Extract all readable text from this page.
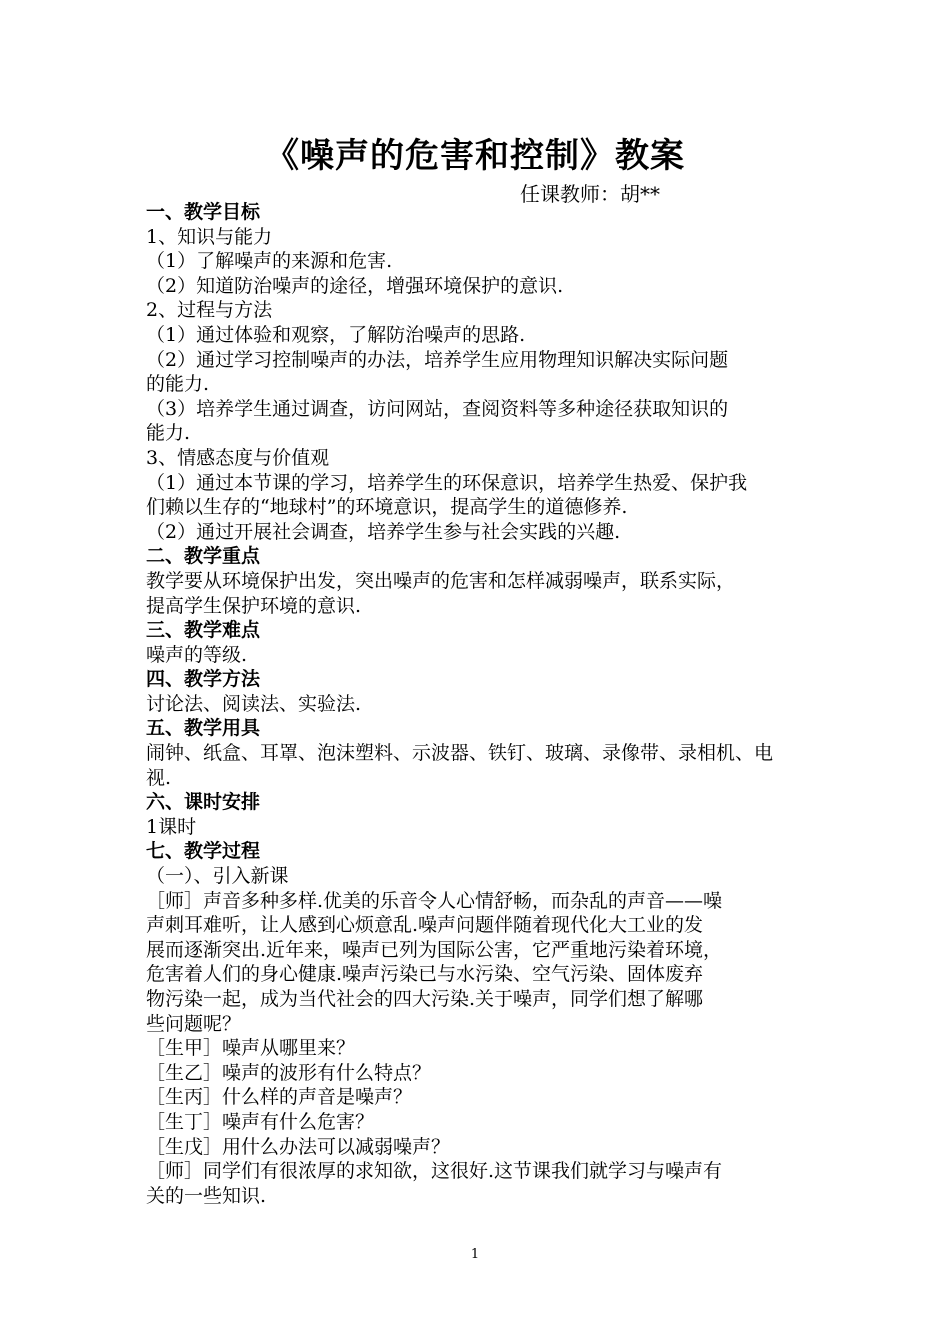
《噪声的危害和控制》教案
任课教师：胡**
一、教学目标
1、知识与能力
（1）了解噪声的来源和危害.
（2）知道防治噪声的途径，增强环境保护的意识.
2、过程与方法
（1）通过体验和观察，了解防治噪声的思路.
（2）通过学习控制噪声的办法，培养学生应用物理知识解决实际问题
的能力.
（3）培养学生通过调查，访问网站，查阅资料等多种途径获取知识的
能力.
3、情感态度与价值观
（1）通过本节课的学习，培养学生的环保意识，培养学生热爱、保护我
们赖以生存的“地球村”的环境意识，提高学生的道德修养.
（2）通过开展社会调查，培养学生参与社会实践的兴趣.
二、教学重点
教学要从环境保护出发，突出噪声的危害和怎样减弱噪声，联系实际，
提高学生保护环境的意识.
三、教学难点
噪声的等级.
四、教学方法
讨论法、阅读法、实验法.
五、教学用具
闹钟、纸盒、耳罩、泡沫塑料、示波器、铁钉、玻璃、录像带、录相机、电
视.
六、课时安排
1课时
七、教学过程
（一）、引入新课
［师］声音多种多样.优美的乐音令人心情舒畅，而杂乱的声音——噪
声刺耳难听，让人感到心烦意乱.噪声问题伴随着现代化大工业的发
展而逐渐突出.近年来，噪声已列为国际公害，它严重地污染着环境，
危害着人们的身心健康.噪声污染已与水污染、空气污染、固体废弃
物污染一起，成为当代社会的四大污染.关于噪声，同学们想了解哪
些问题呢？
［生甲］噪声从哪里来？
［生乙］噪声的波形有什么特点？
［生丙］什么样的声音是噪声？
［生丁］噪声有什么危害？
［生戊］用什么办法可以减弱噪声？
［师］同学们有很浓厚的求知欲，这很好.这节课我们就学习与噪声有
关的一些知识.
1
